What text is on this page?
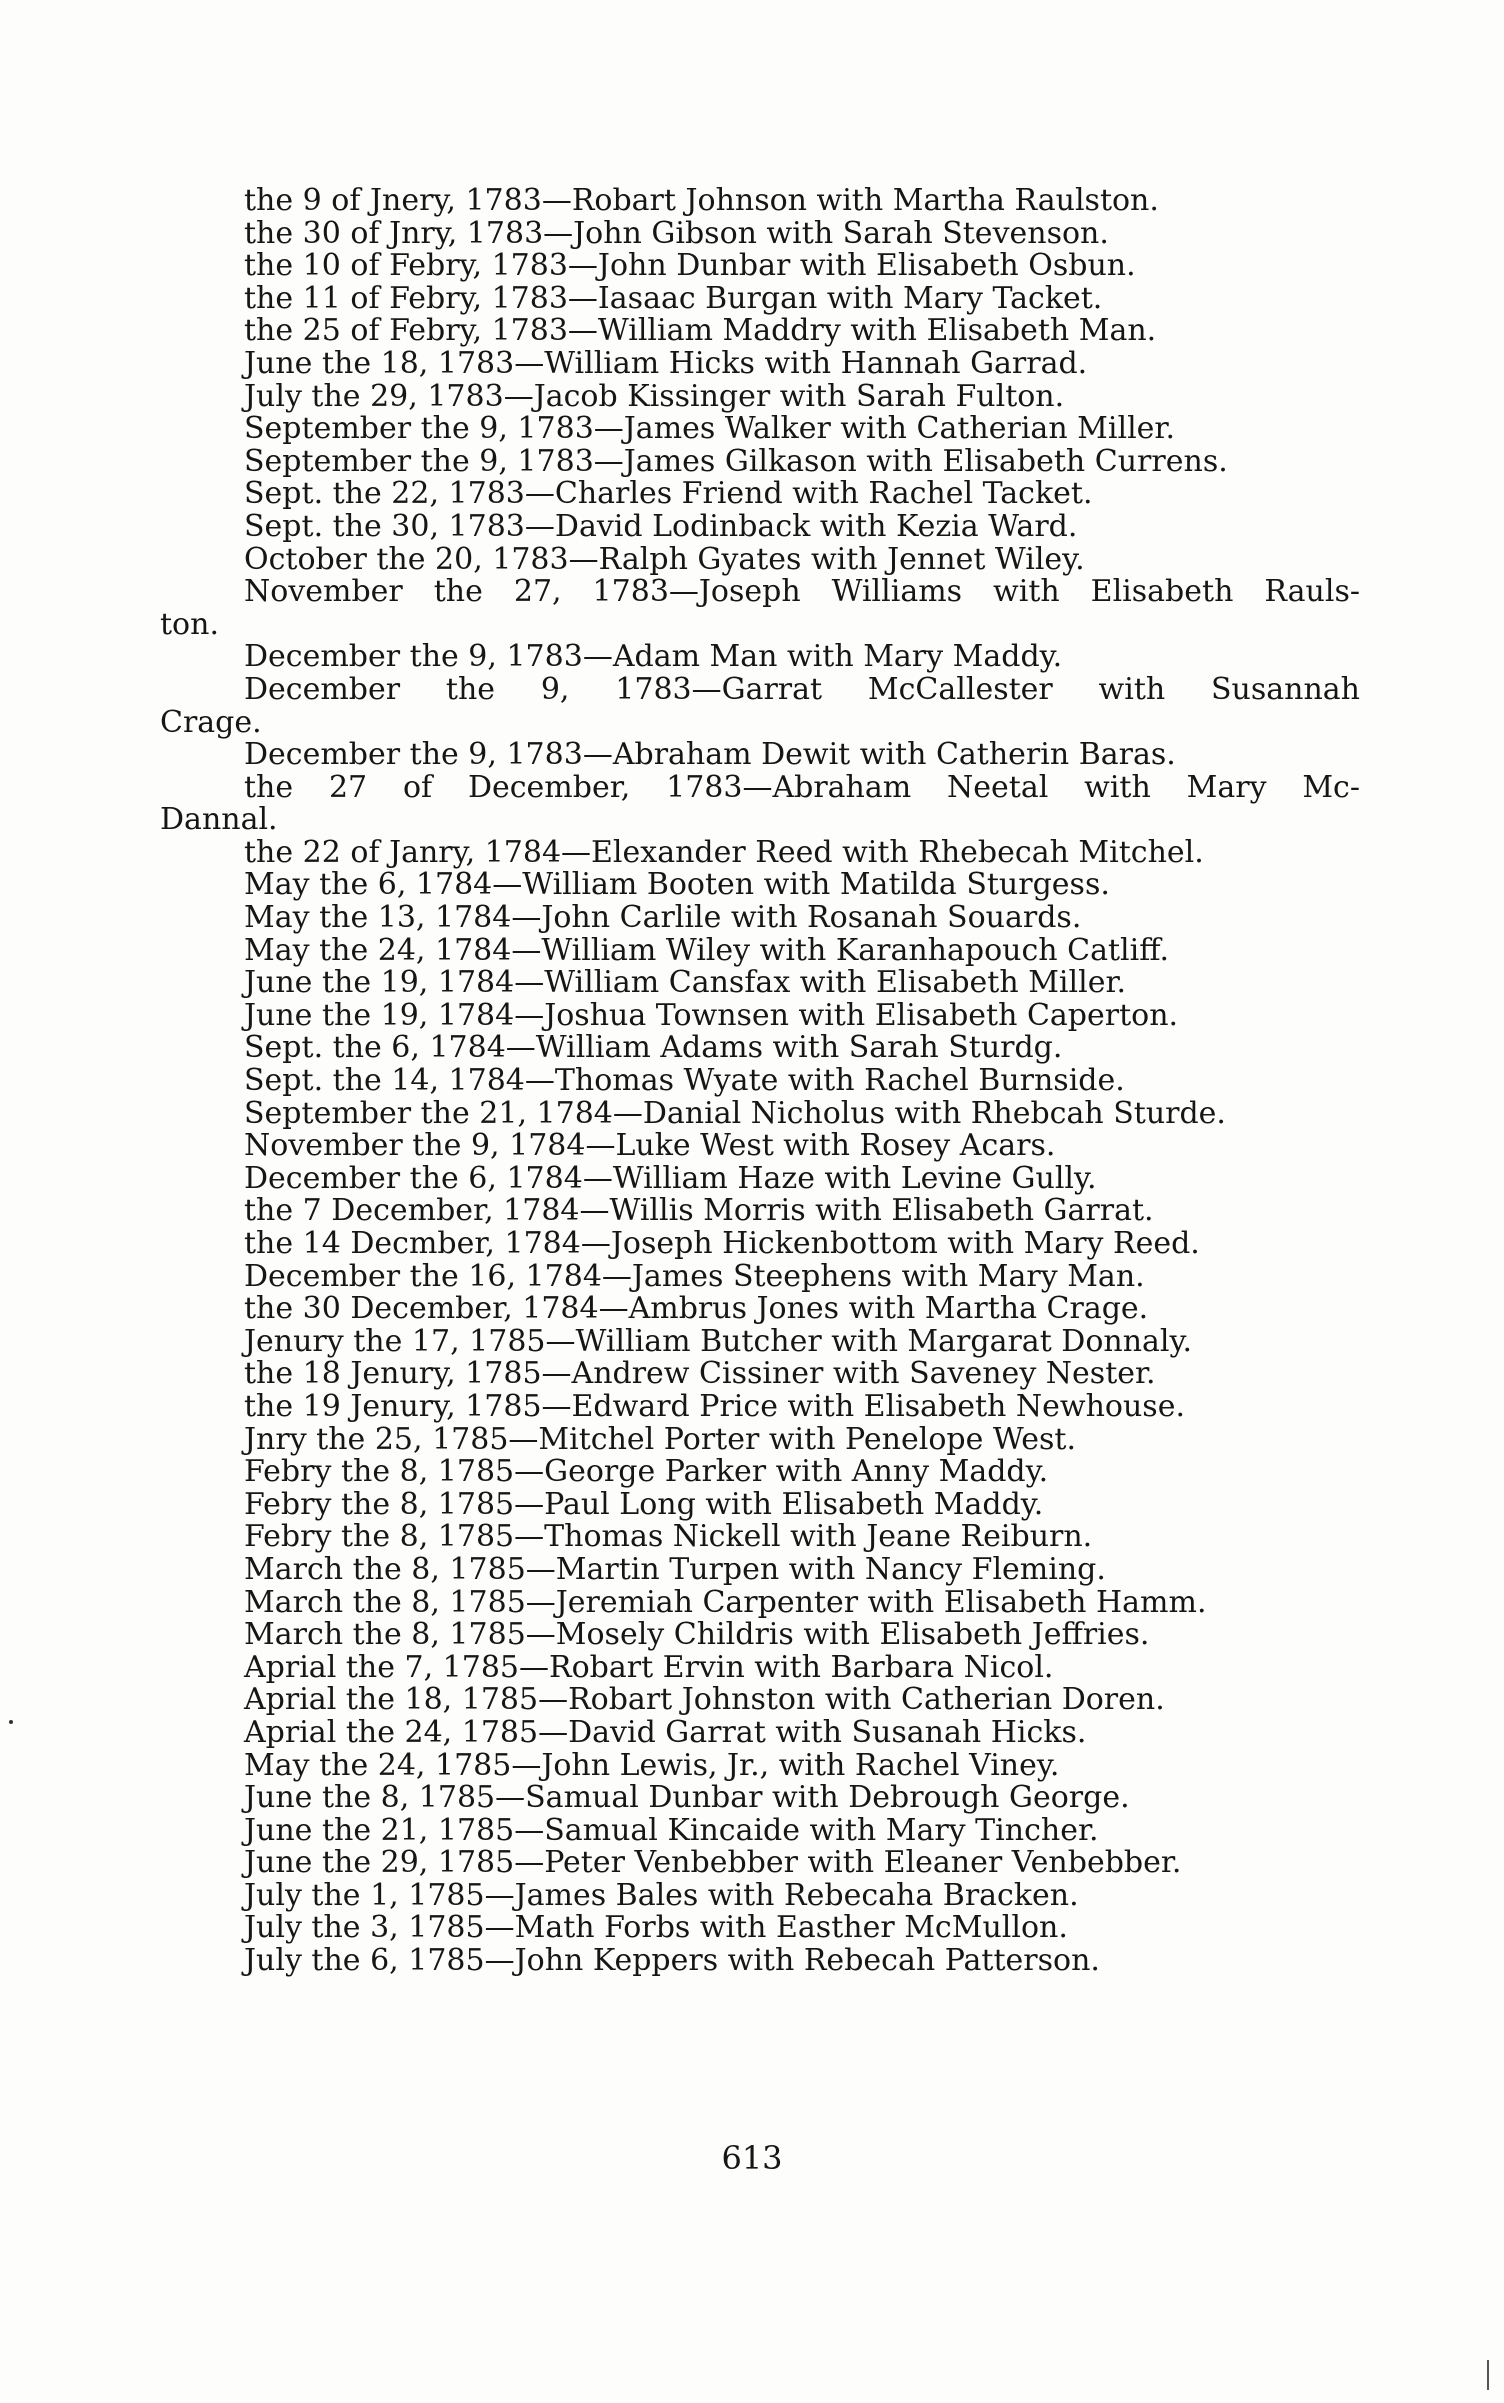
the 9 of Jnery, 1783—Robart Johnson with Martha Raulston.
the 30 of Jnry, 1783—John Gibson with Sarah Stevenson.
the 10 of Febry, 1783—John Dunbar with Elisabeth Osbun.
the 11 of Febry, 1783—Iasaac Burgan with Mary Tacket.
the 25 of Febry, 1783—William Maddry with Elisabeth Man.
June the 18, 1783—William Hicks with Hannah Garrad.
July the 29, 1783—Jacob Kissinger with Sarah Fulton.
September the 9, 1783—James Walker with Catherian Miller.
September the 9, 1783—James Gilkason with Elisabeth Currens.
Sept. the 22, 1783—Charles Friend with Rachel Tacket.
Sept. the 30, 1783—David Lodinback with Kezia Ward.
October the 20, 1783—Ralph Gyates with Jennet Wiley.
November the 27, 1783—Joseph Williams with Elisabeth Rauls-
ton.
December the 9, 1783—Adam Man with Mary Maddy.
December the 9, 1783—Garrat McCallester with Susannah
Crage.
December the 9, 1783—Abraham Dewit with Catherin Baras.
the 27 of December, 1783—Abraham Neetal with Mary Mc-
Dannal.
the 22 of Janry, 1784—Elexander Reed with Rhebecah Mitchel.
May the 6, 1784—William Booten with Matilda Sturgess.
May the 13, 1784—John Carlile with Rosanah Souards.
May the 24, 1784—William Wiley with Karanhapouch Catliff.
June the 19, 1784—William Cansfax with Elisabeth Miller.
June the 19, 1784—Joshua Townsen with Elisabeth Caperton.
Sept. the 6, 1784—William Adams with Sarah Sturdg.
Sept. the 14, 1784—Thomas Wyate with Rachel Burnside.
September the 21, 1784—Danial Nicholus with Rhebcah Sturde.
November the 9, 1784—Luke West with Rosey Acars.
December the 6, 1784—William Haze with Levine Gully.
the 7 December, 1784—Willis Morris with Elisabeth Garrat.
the 14 Decmber, 1784—Joseph Hickenbottom with Mary Reed.
December the 16, 1784—James Steephens with Mary Man.
the 30 December, 1784—Ambrus Jones with Martha Crage.
Jenury the 17, 1785—William Butcher with Margarat Donnaly.
the 18 Jenury, 1785—Andrew Cissiner with Saveney Nester.
the 19 Jenury, 1785—Edward Price with Elisabeth Newhouse.
Jnry the 25, 1785—Mitchel Porter with Penelope West.
Febry the 8, 1785—George Parker with Anny Maddy.
Febry the 8, 1785—Paul Long with Elisabeth Maddy.
Febry the 8, 1785—Thomas Nickell with Jeane Reiburn.
March the 8, 1785—Martin Turpen with Nancy Fleming.
March the 8, 1785—Jeremiah Carpenter with Elisabeth Hamm.
March the 8, 1785—Mosely Childris with Elisabeth Jeffries.
Aprial the 7, 1785—Robart Ervin with Barbara Nicol.
Aprial the 18, 1785—Robart Johnston with Catherian Doren.
Aprial the 24, 1785—David Garrat with Susanah Hicks.
May the 24, 1785—John Lewis, Jr., with Rachel Viney.
June the 8, 1785—Samual Dunbar with Debrough George.
June the 21, 1785—Samual Kincaide with Mary Tincher.
June the 29, 1785—Peter Venbebber with Eleaner Venbebber.
July the 1, 1785—James Bales with Rebecaha Bracken.
July the 3, 1785—Math Forbs with Easther McMullon.
July the 6, 1785—John Keppers with Rebecah Patterson.
613
